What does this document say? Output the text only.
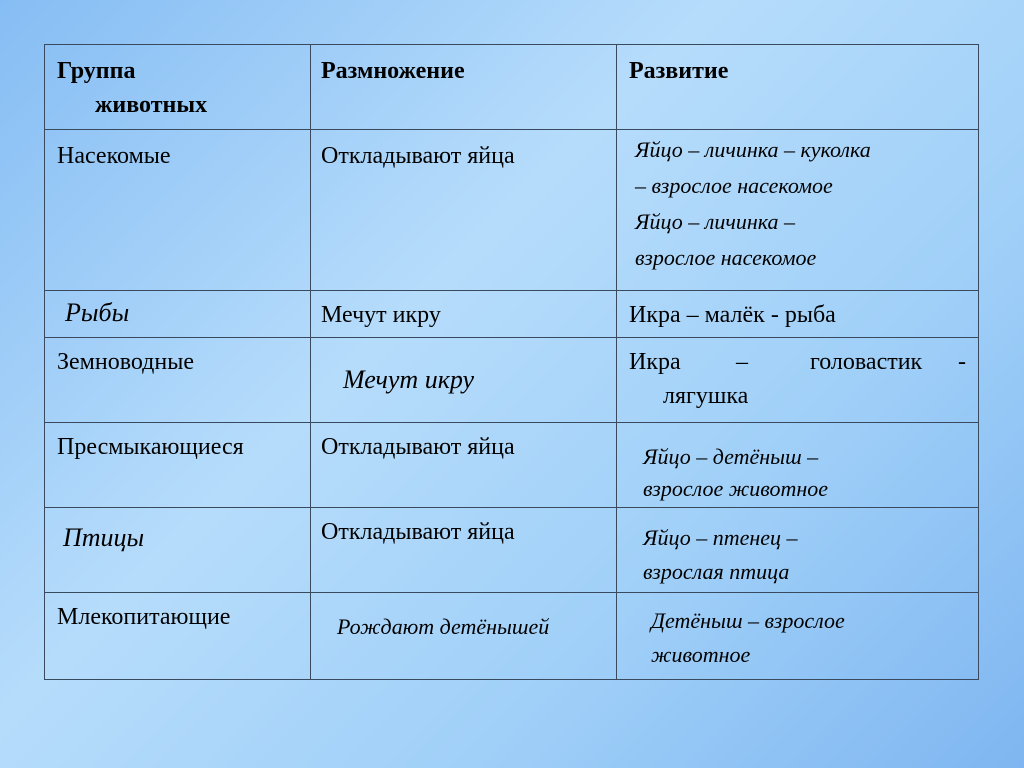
Группа
животных	Размножение	Развитие

Насекомые	Откладывают яйца	Яйцо – личинка – куколка
– взрослое насекомое
Яйцо – личинка –
взрослое насекомое

Рыбы	Мечут икру	Икра – малёк - рыба

Земноводные	Мечут икру	Икра – головастик -
лягушка

Пресмыкающиеся	Откладывают яйца	Яйцо – детёныш –
взрослое животное

Птицы	Откладывают яйца	Яйцо – птенец –
взрослая птица

Млекопитающие	Рождают детёнышей	Детёныш – взрослое
животное
